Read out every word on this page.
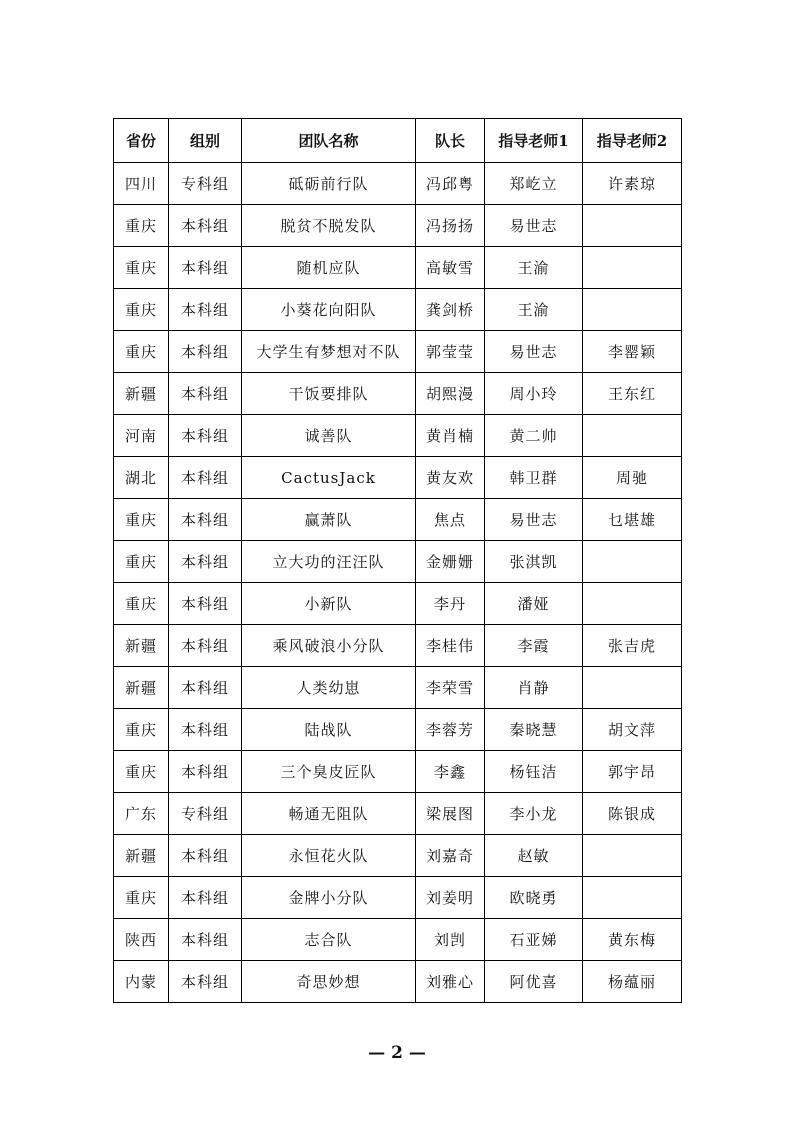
省份	组别	团队名称	队长	指导老师1	指导老师2
四川	专科组	砥砺前行队	冯邱粤	郑屹立	许素琼
重庆	本科组	脱贫不脱发队	冯扬扬	易世志	
重庆	本科组	随机应队	高敏雪	王渝	
重庆	本科组	小葵花向阳队	龚剑桥	王渝	
重庆	本科组	大学生有梦想对不队	郭莹莹	易世志	李罂颖
新疆	本科组	干饭要排队	胡熙漫	周小玲	王东红
河南	本科组	诚善队	黄肖楠	黄二帅	
湖北	本科组	CactusJack	黄友欢	韩卫群	周驰
重庆	本科组	赢萧队	焦点	易世志	乜堪雄
重庆	本科组	立大功的汪汪队	金姗姗	张淇凯	
重庆	本科组	小新队	李丹	潘娅	
新疆	本科组	乘风破浪小分队	李桂伟	李霞	张吉虎
新疆	本科组	人类幼崽	李荣雪	肖静	
重庆	本科组	陆战队	李蓉芳	秦晓慧	胡文萍
重庆	本科组	三个臭皮匠队	李鑫	杨钰洁	郭宇昂
广东	专科组	畅通无阻队	梁展图	李小龙	陈银成
新疆	本科组	永恒花火队	刘嘉奇	赵敏	
重庆	本科组	金牌小分队	刘姜明	欧晓勇	
陕西	本科组	志合队	刘剀	石亚娣	黄东梅
内蒙	本科组	奇思妙想	刘雅心	阿优喜	杨蕴丽
— 2 —
